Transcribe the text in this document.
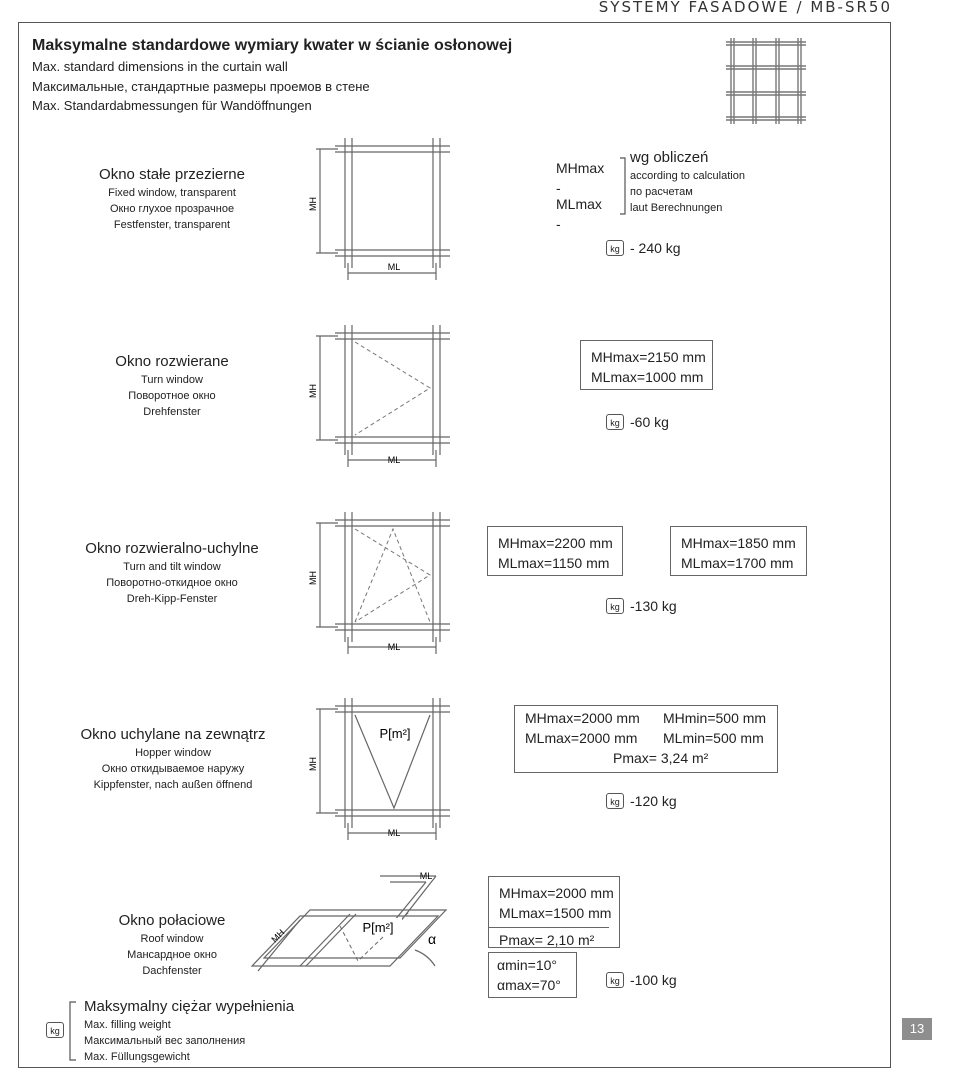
SYSTEMY FASADOWE / MB-SR50
Maksymalne standardowe wymiary kwater w ścianie osłonowej
Max. standard dimensions in the curtain wall
Максимальные, стандартные размеры проемов в стене
Max. Standardabmessungen für Wandöffnungen
Okno stałe przezierne
Fixed window, transparent
Окно глухое прозрачное
Festfenster, transparent
MH
ML
MHmax -
MLmax -
wg obliczeń
according to calculation
по расчетам
laut Berechnungen
kg - 240 kg
Okno rozwierane
Turn window
Поворотное окно
Drehfenster
MH
ML
MHmax=2150 mm
MLmax=1000 mm
kg -60 kg
Okno rozwieralno-uchylne
Turn and tilt window
Поворотно-откидное окно
Dreh-Kipp-Fenster
MH
ML
MHmax=2200 mm
MLmax=1150 mm
MHmax=1850 mm
MLmax=1700 mm
kg -130 kg
Okno uchylane na zewnątrz
Hopper window
Окно откидываемое наружу
Kippfenster, nach außen öffnend
MH
ML
P[m²]
MHmax=2000 mm
MLmax=2000 mm
MHmin=500 mm
MLmin=500 mm
Pmax= 3,24 m²
kg -120 kg
Okno połaciowe
Roof window
Мансардное окно
Dachfenster
ML
MH	P[m²]
α
MHmax=2000 mm
MLmax=1500 mm
Pmax= 2,10 m²
αmin=10°
αmax=70°	kg -100 kg
kg
Maksymalny ciężar wypełnienia
Max. filling weight
Максимальный вес заполнения
Max. Füllungsgewicht
13
